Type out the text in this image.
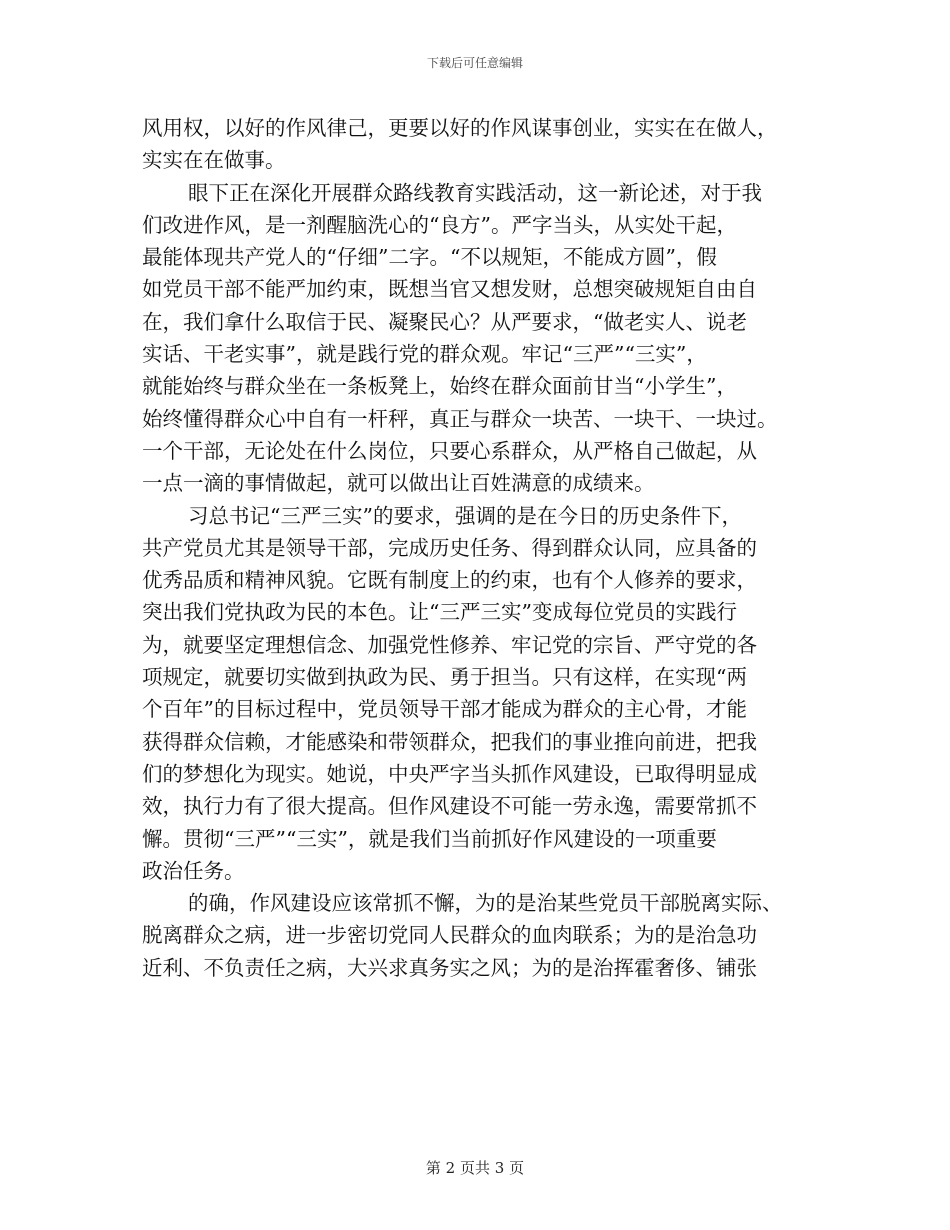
下载后可任意编辑
风用权，以好的作风律己，更要以好的作风谋事创业，实实在在做人，
实实在在做事。
眼下正在深化开展群众路线教育实践活动，这一新论述，对于我
们改进作风，是一剂醒脑洗心的“良方”。严字当头，从实处干起，
最能体现共产党人的“仔细”二字。“不以规矩，不能成方圆”，假
如党员干部不能严加约束，既想当官又想发财，总想突破规矩自由自
在，我们拿什么取信于民、凝聚民心？从严要求，“做老实人、说老
实话、干老实事”，就是践行党的群众观。牢记“三严”“三实”，
就能始终与群众坐在一条板凳上，始终在群众面前甘当“小学生”，
始终懂得群众心中自有一杆秤，真正与群众一块苦、一块干、一块过。
一个干部，无论处在什么岗位，只要心系群众，从严格自己做起，从
一点一滴的事情做起，就可以做出让百姓满意的成绩来。
习总书记“三严三实”的要求，强调的是在今日的历史条件下，
共产党员尤其是领导干部，完成历史任务、得到群众认同，应具备的
优秀品质和精神风貌。它既有制度上的约束，也有个人修养的要求，
突出我们党执政为民的本色。让“三严三实”变成每位党员的实践行
为，就要坚定理想信念、加强党性修养、牢记党的宗旨、严守党的各
项规定，就要切实做到执政为民、勇于担当。只有这样，在实现“两
个百年”的目标过程中，党员领导干部才能成为群众的主心骨，才能
获得群众信赖，才能感染和带领群众，把我们的事业推向前进，把我
们的梦想化为现实。她说，中央严字当头抓作风建设，已取得明显成
效，执行力有了很大提高。但作风建设不可能一劳永逸，需要常抓不
懈。贯彻“三严”“三实”，就是我们当前抓好作风建设的一项重要
政治任务。
的确，作风建设应该常抓不懈，为的是治某些党员干部脱离实际、
脱离群众之病，进一步密切党同人民群众的血肉联系；为的是治急功
近利、不负责任之病，大兴求真务实之风；为的是治挥霍奢侈、铺张
第 2 页共 3 页
